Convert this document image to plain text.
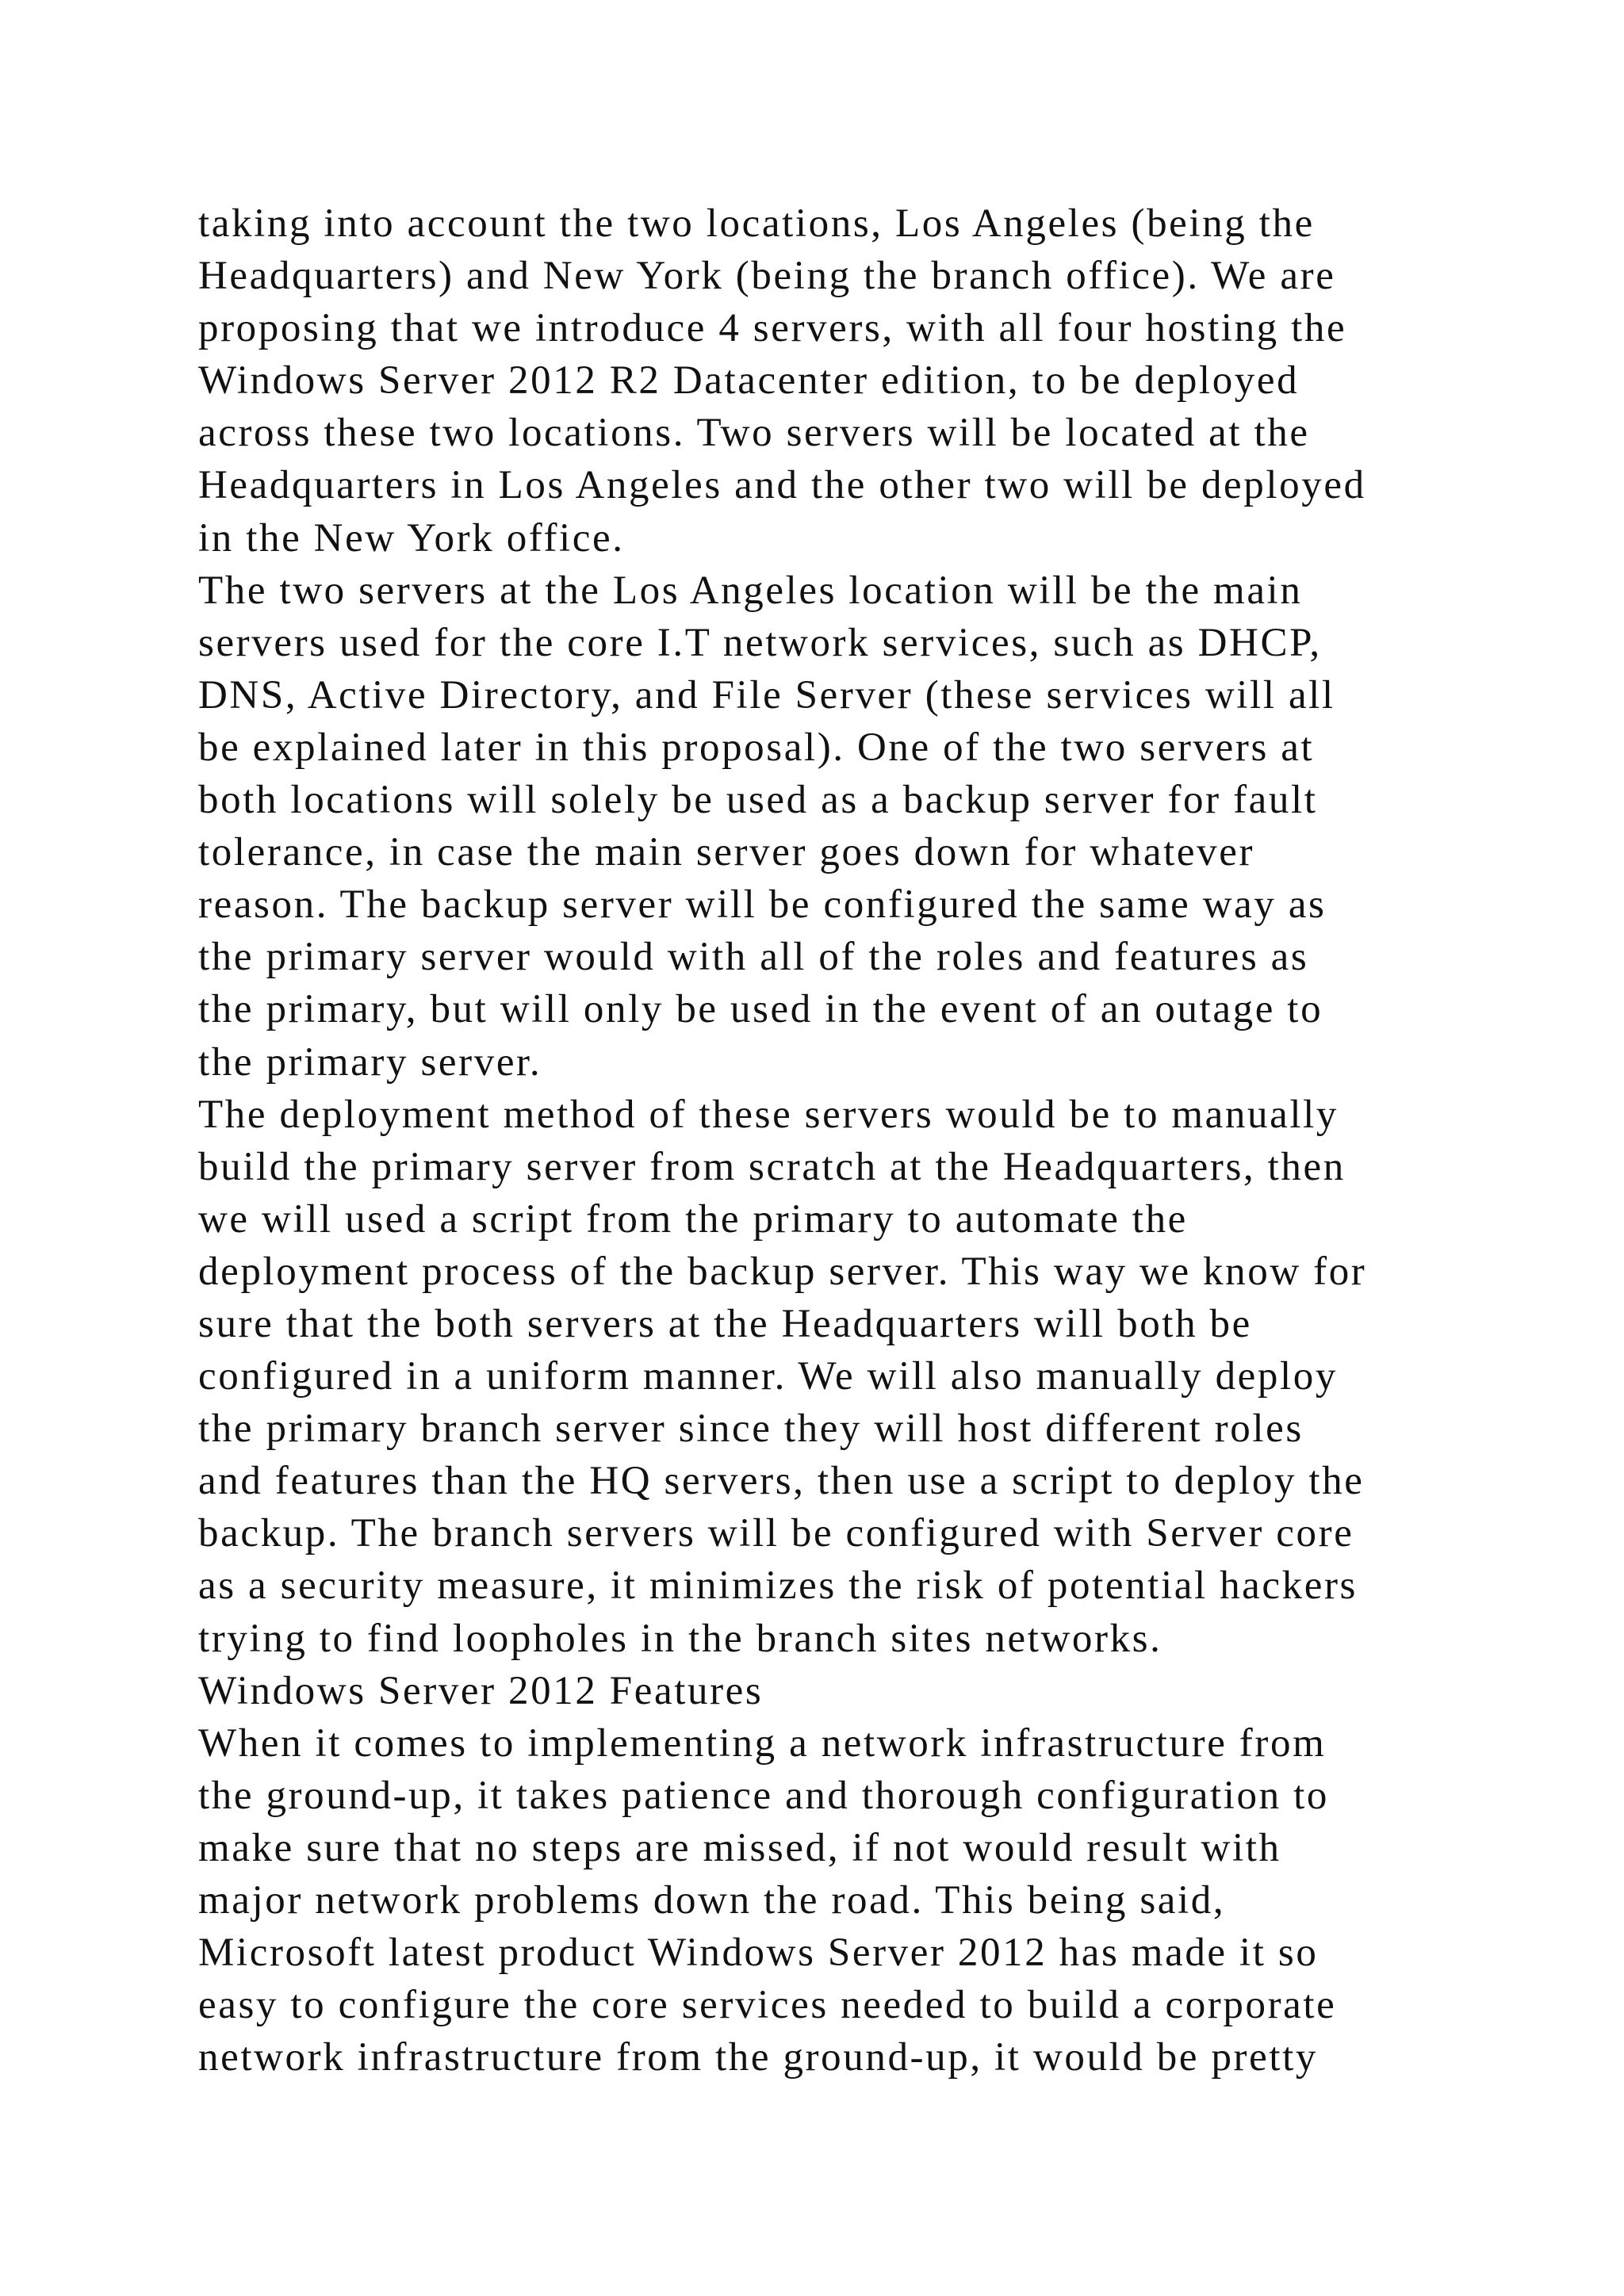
taking into account the two locations, Los Angeles (being the
Headquarters) and New York (being the branch office). We are
proposing that we introduce 4 servers, with all four hosting the
Windows Server 2012 R2 Datacenter edition, to be deployed
across these two locations. Two servers will be located at the
Headquarters in Los Angeles and the other two will be deployed
in the New York office.
The two servers at the Los Angeles location will be the main
servers used for the core I.T network services, such as DHCP,
DNS, Active Directory, and File Server (these services will all
be explained later in this proposal). One of the two servers at
both locations will solely be used as a backup server for fault
tolerance, in case the main server goes down for whatever
reason. The backup server will be configured the same way as
the primary server would with all of the roles and features as
the primary, but will only be used in the event of an outage to
the primary server.
The deployment method of these servers would be to manually
build the primary server from scratch at the Headquarters, then
we will used a script from the primary to automate the
deployment process of the backup server. This way we know for
sure that the both servers at the Headquarters will both be
configured in a uniform manner. We will also manually deploy
the primary branch server since they will host different roles
and features than the HQ servers, then use a script to deploy the
backup. The branch servers will be configured with Server core
as a security measure, it minimizes the risk of potential hackers
trying to find loopholes in the branch sites networks.
Windows Server 2012 Features
When it comes to implementing a network infrastructure from
the ground-up, it takes patience and thorough configuration to
make sure that no steps are missed, if not would result with
major network problems down the road. This being said,
Microsoft latest product Windows Server 2012 has made it so
easy to configure the core services needed to build a corporate
network infrastructure from the ground-up, it would be pretty
